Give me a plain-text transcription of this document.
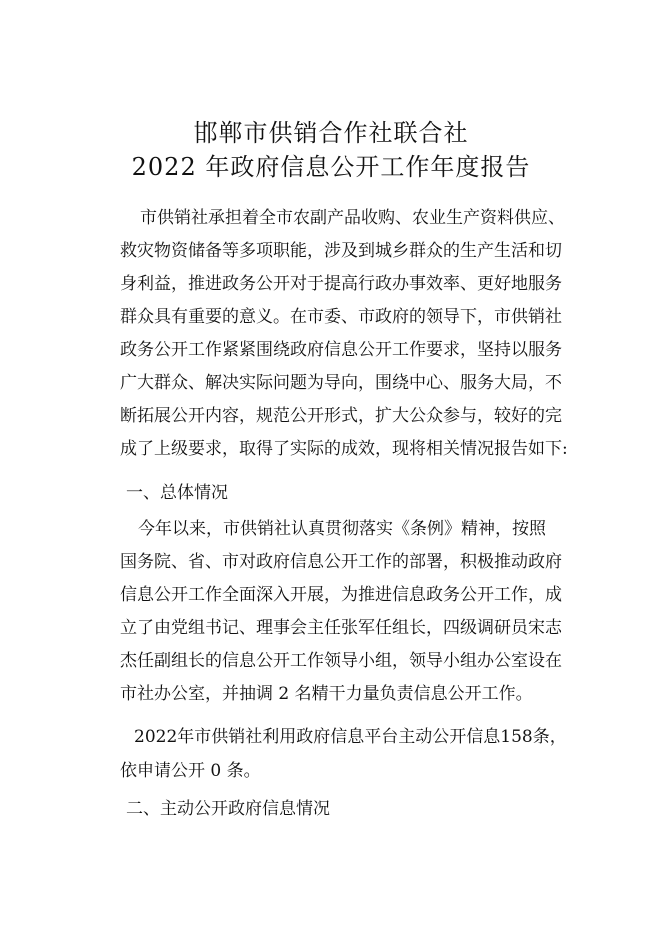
邯郸市供销合作社联合社
2022 年政府信息公开工作年度报告
市供销社承担着全市农副产品收购、农业生产资料供应、
救灾物资储备等多项职能，涉及到城乡群众的生产生活和切
身利益，推进政务公开对于提高行政办事效率、更好地服务
群众具有重要的意义。在市委、市政府的领导下，市供销社
政务公开工作紧紧围绕政府信息公开工作要求，坚持以服务
广大群众、解决实际问题为导向，围绕中心、服务大局，不
断拓展公开内容，规范公开形式，扩大公众参与，较好的完
成了上级要求，取得了实际的成效，现将相关情况报告如下:
一、总体情况
今年以来，市供销社认真贯彻落实《条例》精神，按照
国务院、省、市对政府信息公开工作的部署，积极推动政府
信息公开工作全面深入开展，为推进信息政务公开工作，成
立了由党组书记、理事会主任张军任组长，四级调研员宋志
杰任副组长的信息公开工作领导小组，领导小组办公室设在
市社办公室，并抽调 2 名精干力量负责信息公开工作。
2022年市供销社利用政府信息平台主动公开信息158条，
依申请公开 0 条。
二、主动公开政府信息情况
